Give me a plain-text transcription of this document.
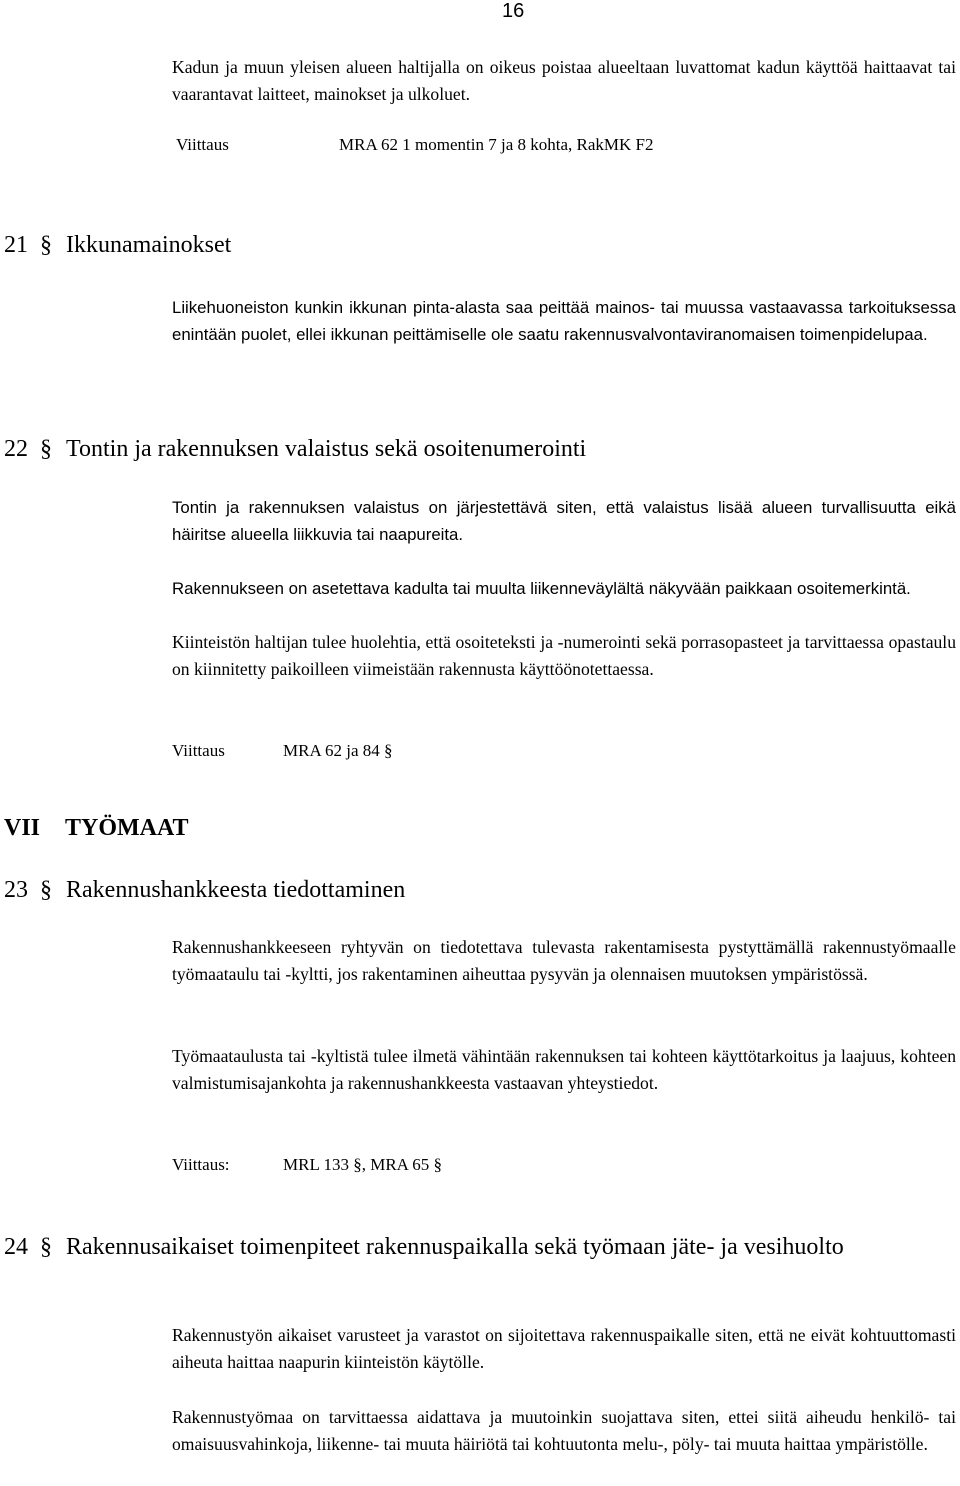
16
Kadun ja muun yleisen alueen haltijalla on oikeus poistaa alueeltaan luvattomat kadun käyttöä haittaavat tai vaarantavat laitteet, mainokset ja ulkoluet.
Viittaus	MRA 62 1 momentin 7 ja 8 kohta, RakMK F2
21 § Ikkunamainokset
Liikehuoneiston kunkin ikkunan pinta-alasta saa peittää mainos- tai muussa vastaavassa tarkoituksessa enintään puolet, ellei ikkunan peittämiselle ole saatu rakennusvalvontaviranomaisen toimenpidelupaa.
22 § Tontin ja rakennuksen valaistus sekä osoitenumerointi
Tontin ja rakennuksen valaistus on järjestettävä siten, että valaistus lisää alueen turvallisuutta eikä häiritse alueella liikkuvia tai naapureita.
Rakennukseen on asetettava kadulta tai muulta liikenneväylältä näkyvään paikkaan osoitemerkintä.
Kiinteistön haltijan tulee huolehtia, että osoiteteksti ja -numerointi sekä porrasopasteet ja tarvittaessa opastaulu on kiinnitetty paikoilleen viimeistään rakennusta käyttöönotettaessa.
Viittaus	MRA 62 ja 84 §
VII TYÖMAAT
23 § Rakennushankkeesta tiedottaminen
Rakennushankkeeseen ryhtyvän on tiedotettava tulevasta rakentamisesta pystyttämällä rakennustyömaalle työmaataulu tai -kyltti, jos rakentaminen aiheuttaa pysyvän ja olennaisen muutoksen ympäristössä.
Työmaataulusta tai -kyltistä tulee ilmetä vähintään rakennuksen tai kohteen käyttötarkoitus ja laajuus, kohteen valmistumisajankohta ja rakennushankkeesta vastaavan yhteystiedot.
Viittaus:	MRL 133 §, MRA 65 §
24 § Rakennusaikaiset toimenpiteet rakennuspaikalla sekä työmaan jäte- ja vesihuolto
Rakennustyön aikaiset varusteet ja varastot on sijoitettava rakennuspaikalle siten, että ne eivät kohtuuttomasti aiheuta haittaa naapurin kiinteistön käytölle.
Rakennustyömaa on tarvittaessa aidattava ja muutoinkin suojattava siten, ettei siitä aiheudu henkilö- tai omaisuusvahinkoja, liikenne- tai muuta häiriötä tai kohtuutonta melu-, pöly- tai muuta haittaa ympäristölle.
